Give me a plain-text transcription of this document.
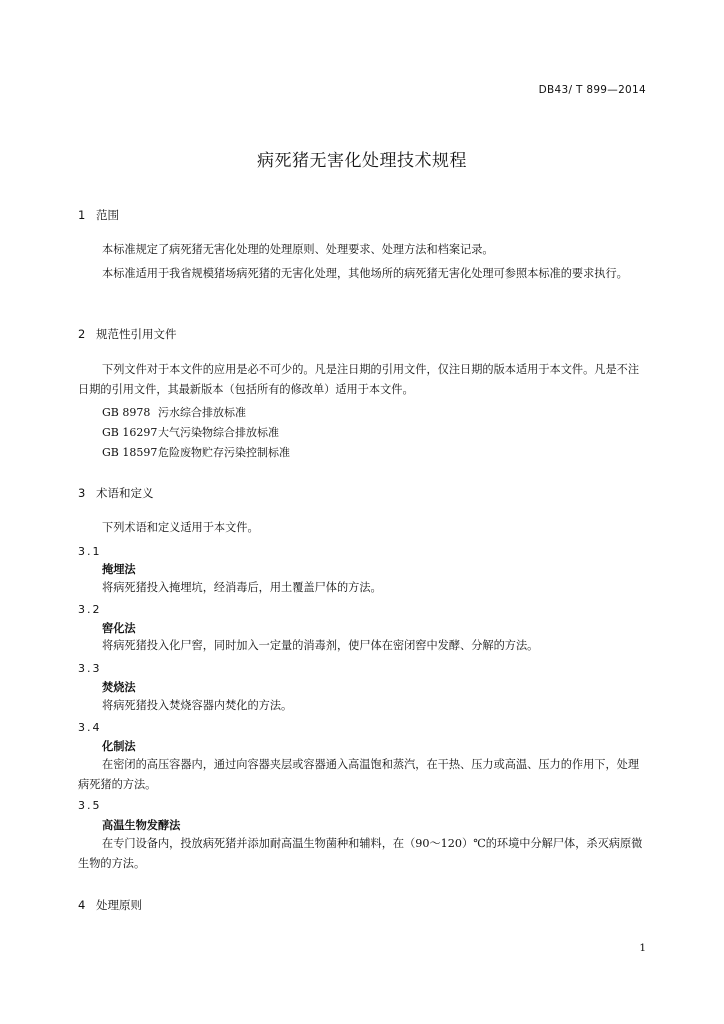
DB43/ T 899—2014
病死猪无害化处理技术规程
1 范围
本标准规定了病死猪无害化处理的处理原则、处理要求、处理方法和档案记录。
本标准适用于我省规模猪场病死猪的无害化处理，其他场所的病死猪无害化处理可参照本标准的要求执行。
2 规范性引用文件
下列文件对于本文件的应用是必不可少的。凡是注日期的引用文件，仅注日期的版本适用于本文件。凡是不注日期的引用文件，其最新版本（包括所有的修改单）适用于本文件。
GB 8978 污水综合排放标准
GB 16297大气污染物综合排放标准
GB 18597危险废物贮存污染控制标准
3 术语和定义
下列术语和定义适用于本文件。
3.1
掩埋法
将病死猪投入掩埋坑，经消毒后，用土覆盖尸体的方法。
3.2
窖化法
将病死猪投入化尸窖，同时加入一定量的消毒剂，使尸体在密闭窖中发酵、分解的方法。
3.3
焚烧法
将病死猪投入焚烧容器内焚化的方法。
3.4
化制法
在密闭的高压容器内，通过向容器夹层或容器通入高温饱和蒸汽，在干热、压力或高温、压力的作用下，处理病死猪的方法。
3.5
高温生物发酵法
在专门设备内，投放病死猪并添加耐高温生物菌种和辅料，在（90～120）℃的环境中分解尸体，杀灭病原微生物的方法。
4 处理原则
1
